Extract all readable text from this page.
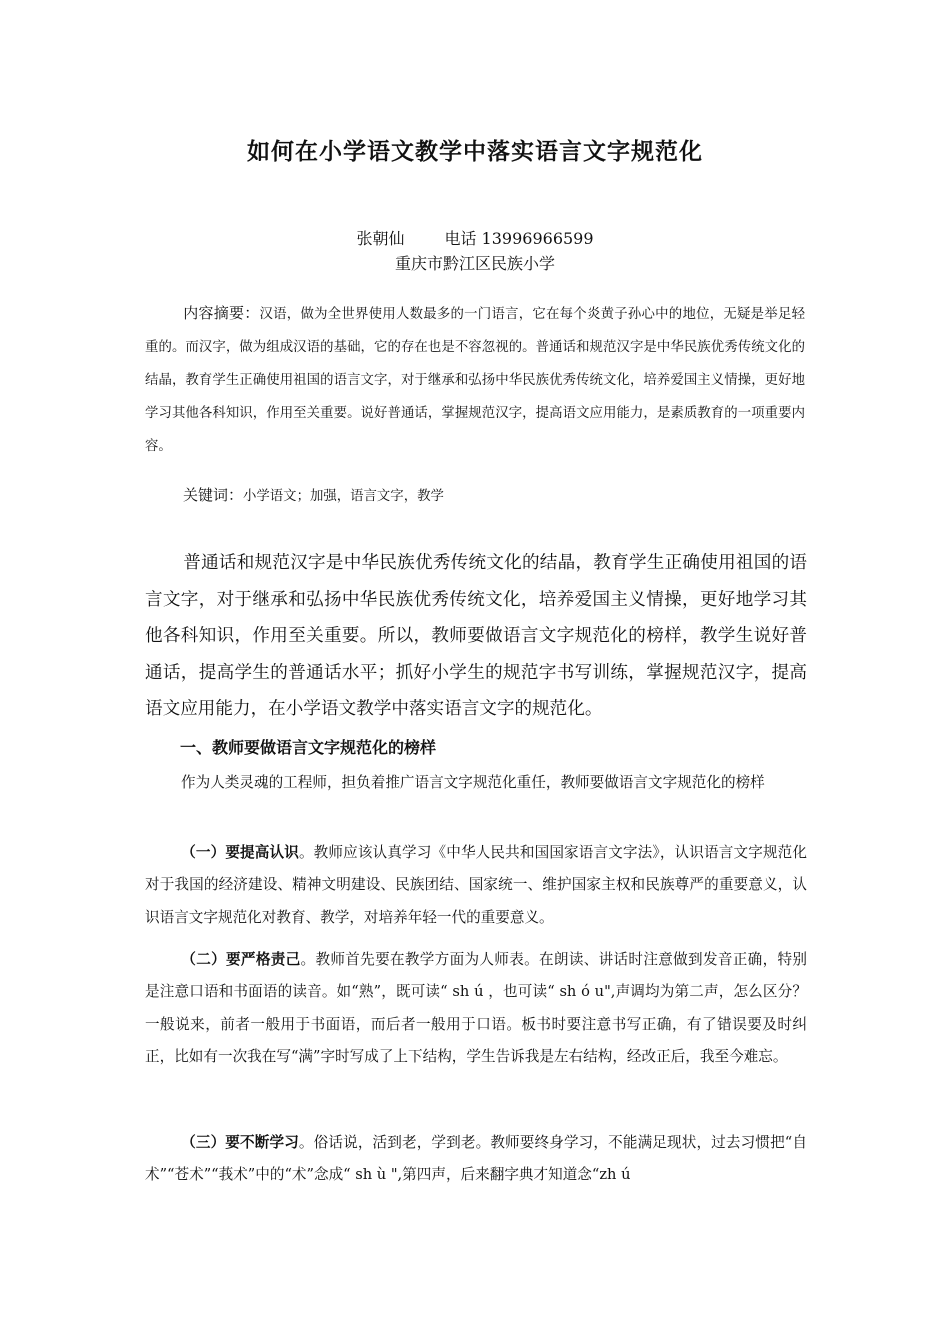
如何在小学语文教学中落实语言文字规范化
张朝仙	电话 13996966599
重庆市黔江区民族小学
内容摘要：汉语，做为全世界使用人数最多的一门语言，它在每个炎黄子孙心中的地位，无疑是举足轻重的。而汉字，做为组成汉语的基础，它的存在也是不容忽视的。普通话和规范汉字是中华民族优秀传统文化的结晶，教育学生正确使用祖国的语言文字，对于继承和弘扬中华民族优秀传统文化，培养爱国主义情操，更好地学习其他各科知识，作用至关重要。说好普通话，掌握规范汉字，提高语文应用能力，是素质教育的一项重要内容。
关键词：小学语文；加强，语言文字，教学
普通话和规范汉字是中华民族优秀传统文化的结晶，教育学生正确使用祖国的语言文字，对于继承和弘扬中华民族优秀传统文化，培养爱国主义情操，更好地学习其他各科知识，作用至关重要。所以，教师要做语言文字规范化的榜样，教学生说好普通话，提高学生的普通话水平；抓好小学生的规范字书写训练，掌握规范汉字，提高语文应用能力，在小学语文教学中落实语言文字的规范化。
一、教师要做语言文字规范化的榜样
作为人类灵魂的工程师，担负着推广语言文字规范化重任，教师要做语言文字规范化的榜样
（一）要提高认识。教师应该认真学习《中华人民共和国国家语言文字法》，认识语言文字规范化对于我国的经济建设、精神文明建设、民族团结、国家统一、维护国家主权和民族尊严的重要意义，认识语言文字规范化对教育、教学，对培养年轻一代的重要意义。
（二）要严格责己。教师首先要在教学方面为人师表。在朗读、讲话时注意做到发音正确，特别是注意口语和书面语的读音。如“熟”，既可读“ sh ú ，也可读“ sh ó u",声调均为第二声，怎么区分？一般说来，前者一般用于书面语，而后者一般用于口语。板书时要注意书写正确，有了错误要及时纠正，比如有一次我在写“满”字时写成了上下结构，学生告诉我是左右结构，经改正后，我至今难忘。
（三）要不断学习。俗话说，活到老，学到老。教师要终身学习，不能满足现状，过去习惯把“自术”“苍术”“莪术”中的“术”念成“ sh ù ",第四声，后来翻字典才知道念“zh ú
